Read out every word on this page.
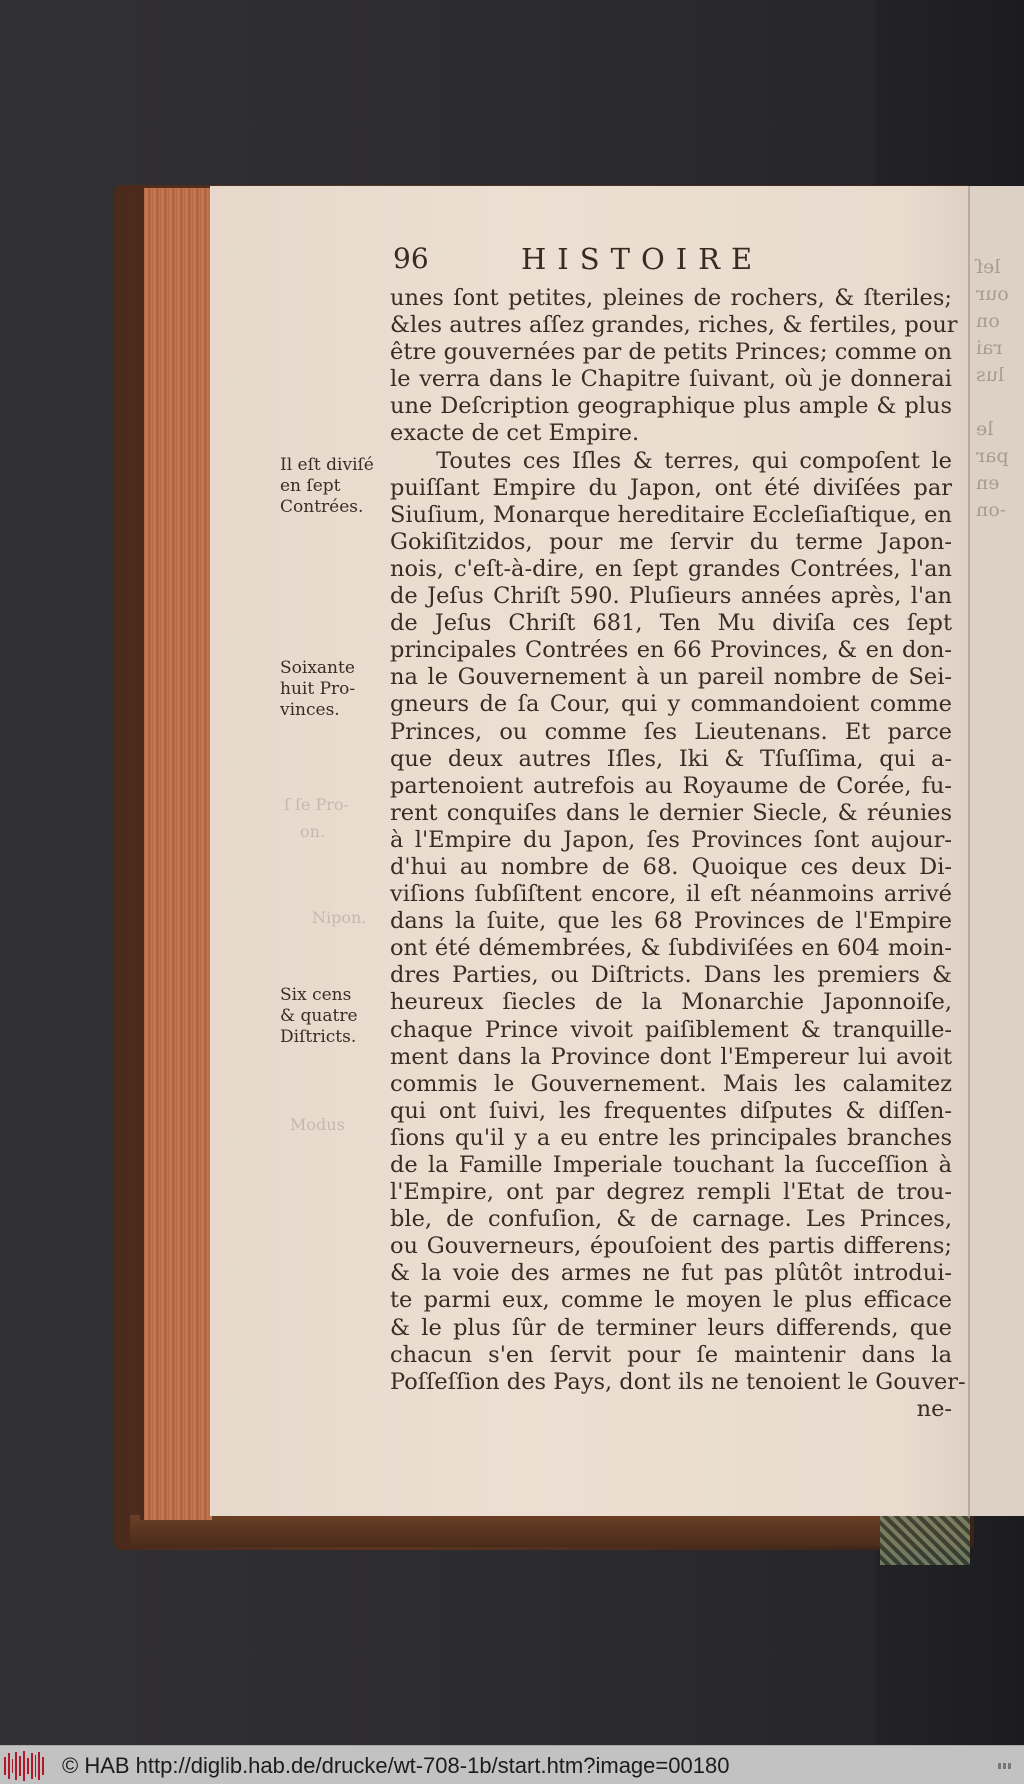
leſ
our
on
rai
lus
le
par
en
-on
96	HISTOIRE
Il eſt diviſé
en ſept
Contrées.
Soixante
huit Pro-
vinces.
Six cens
& quatre
Diſtricts.
ſ ſe Pro-
on.
Nipon.
Modus
unes ſont petites, pleines de rochers, & ſteriles;
&les autres aſſez grandes, riches, & fertiles, pour
être gouvernées par de petits Princes; comme on
le verra dans le Chapitre ſuivant, où je donnerai
une Deſcription geographique plus ample & plus
exacte de cet Empire.
Toutes ces Iſles & terres, qui compoſent le
puiſſant Empire du Japon, ont été diviſées par
Siuſium, Monarque hereditaire Eccleſiaſtique, en
Gokiſitzidos, pour me ſervir du terme Japon-
nois, c'eſt-à-dire, en ſept grandes Contrées, l'an
de Jeſus Chriſt 590. Pluſieurs années après, l'an
de Jeſus Chriſt 681, Ten Mu diviſa ces ſept
principales Contrées en 66 Provinces, & en don-
na le Gouvernement à un pareil nombre de Sei-
gneurs de ſa Cour, qui y commandoient comme
Princes, ou comme ſes Lieutenans. Et parce
que deux autres Iſles, Iki & Tſuſſima, qui a-
partenoient autrefois au Royaume de Corée, fu-
rent conquiſes dans le dernier Siecle, & réunies
à l'Empire du Japon, ſes Provinces ſont aujour-
d'hui au nombre de 68. Quoique ces deux Di-
viſions ſubſiſtent encore, il eſt néanmoins arrivé
dans la ſuite, que les 68 Provinces de l'Empire
ont été démembrées, & ſubdiviſées en 604 moin-
dres Parties, ou Diſtricts. Dans les premiers &
heureux ſiecles de la Monarchie Japonnoiſe,
chaque Prince vivoit paiſiblement & tranquille-
ment dans la Province dont l'Empereur lui avoit
commis le Gouvernement. Mais les calamitez
qui ont ſuivi, les frequentes diſputes & diſſen-
ſions qu'il y a eu entre les principales branches
de la Famille Imperiale touchant la ſucceſſion à
l'Empire, ont par degrez rempli l'Etat de trou-
ble, de confuſion, & de carnage. Les Princes,
ou Gouverneurs, épouſoient des partis differens;
& la voie des armes ne fut pas plûtôt introdui-
te parmi eux, comme le moyen le plus efficace
& le plus ſûr de terminer leurs differends, que
chacun s'en ſervit pour ſe maintenir dans la
Poſſeſſion des Pays, dont ils ne tenoient le Gouver-
ne-
© HAB http://diglib.hab.de/drucke/wt-708-1b/start.htm?image=00180
